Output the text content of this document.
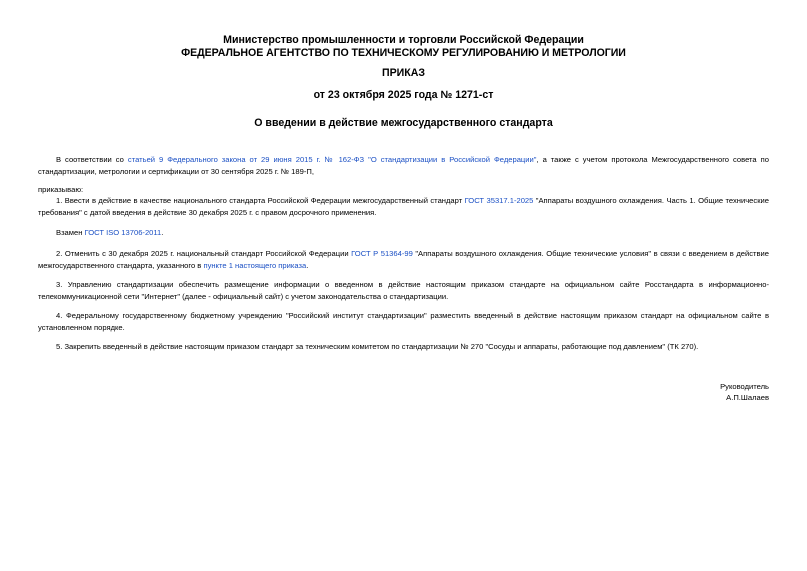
Министерство промышленности и торговли Российской Федерации
ФЕДЕРАЛЬНОЕ АГЕНТСТВО ПО ТЕХНИЧЕСКОМУ РЕГУЛИРОВАНИЮ И МЕТРОЛОГИИ
ПРИКАЗ
от 23 октября 2025 года № 1271-ст
О введении в действие межгосударственного стандарта
В соответствии со статьей 9 Федерального закона от 29 июня 2015 г. № 162-ФЗ "О стандартизации в Российской Федерации", а также с учетом протокола Межгосударственного совета по стандартизации, метрологии и сертификации от 30 сентября 2025 г. № 189-П,
приказываю:
1. Ввести в действие в качестве национального стандарта Российской Федерации межгосударственный стандарт ГОСТ 35317.1-2025 "Аппараты воздушного охлаждения. Часть 1. Общие технические требования" с датой введения в действие 30 декабря 2025 г. с правом досрочного применения.
Взамен ГОСТ ISO 13706-2011.
2. Отменить с 30 декабря 2025 г. национальный стандарт Российской Федерации ГОСТ Р 51364-99 "Аппараты воздушного охлаждения. Общие технические условия" в связи с введением в действие межгосударственного стандарта, указанного в пункте 1 настоящего приказа.
3. Управлению стандартизации обеспечить размещение информации о введенном в действие настоящим приказом стандарте на официальном сайте Росстандарта в информационно-телекоммуникационной сети "Интернет" (далее - официальный сайт) с учетом законодательства о стандартизации.
4. Федеральному государственному бюджетному учреждению "Российский институт стандартизации" разместить введенный в действие настоящим приказом стандарт на официальном сайте в установленном порядке.
5. Закрепить введенный в действие настоящим приказом стандарт за техническим комитетом по стандартизации № 270 "Сосуды и аппараты, работающие под давлением" (ТК 270).
Руководитель
А.П.Шалаев
